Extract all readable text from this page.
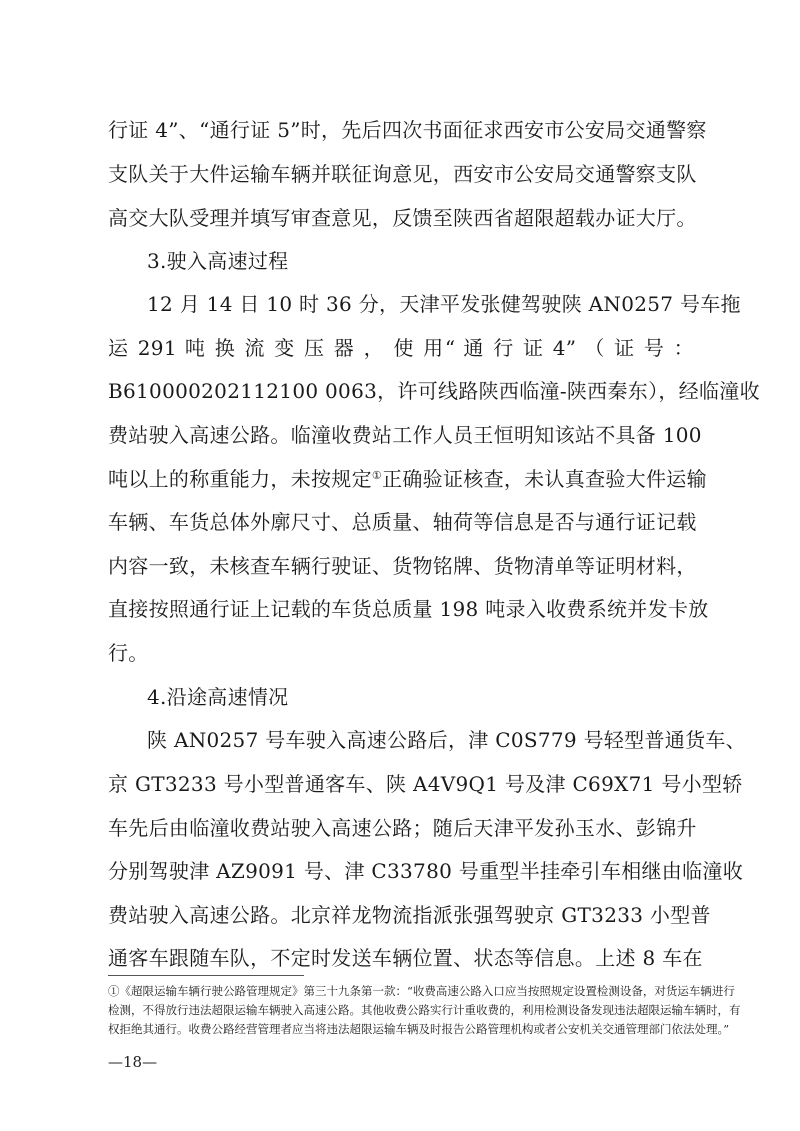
行证 4”、“通行证 5”时，先后四次书面征求西安市公安局交通警察
支队关于大件运输车辆并联征询意见，西安市公安局交通警察支队
高交大队受理并填写审查意见，反馈至陕西省超限超载办证大厅。
3.驶入高速过程
12 月 14 日 10 时 36 分，天津平发张健驾驶陕 AN0257 号车拖
运 291 吨 换 流 变 压 器 ， 使 用“ 通 行 证 4” （ 证 号 ：
B610000202112100 0063，许可线路陕西临潼-陕西秦东），经临潼收
费站驶入高速公路。临潼收费站工作人员王恒明知该站不具备 100
吨以上的称重能力，未按规定①正确验证核查，未认真查验大件运输
车辆、车货总体外廓尺寸、总质量、轴荷等信息是否与通行证记载
内容一致，未核查车辆行驶证、货物铭牌、货物清单等证明材料，
直接按照通行证上记载的车货总质量 198 吨录入收费系统并发卡放
行。
4.沿途高速情况
陕 AN0257 号车驶入高速公路后，津 C0S779 号轻型普通货车、
京 GT3233 号小型普通客车、陕 A4V9Q1 号及津 C69X71 号小型轿
车先后由临潼收费站驶入高速公路；随后天津平发孙玉水、彭锦升
分别驾驶津 AZ9091 号、津 C33780 号重型半挂牵引车相继由临潼收
费站驶入高速公路。北京祥龙物流指派张强驾驶京 GT3233 小型普
通客车跟随车队，不定时发送车辆位置、状态等信息。上述 8 车在
①《超限运输车辆行驶公路管理规定》第三十九条第一款：“收费高速公路入口应当按照规定设置检测设备，对货运车辆进行
检测，不得放行违法超限运输车辆驶入高速公路。其他收费公路实行计重收费的，利用检测设备发现违法超限运输车辆时，有
权拒绝其通行。收费公路经营管理者应当将违法超限运输车辆及时报告公路管理机构或者公安机关交通管理部门依法处理。”
—18—
